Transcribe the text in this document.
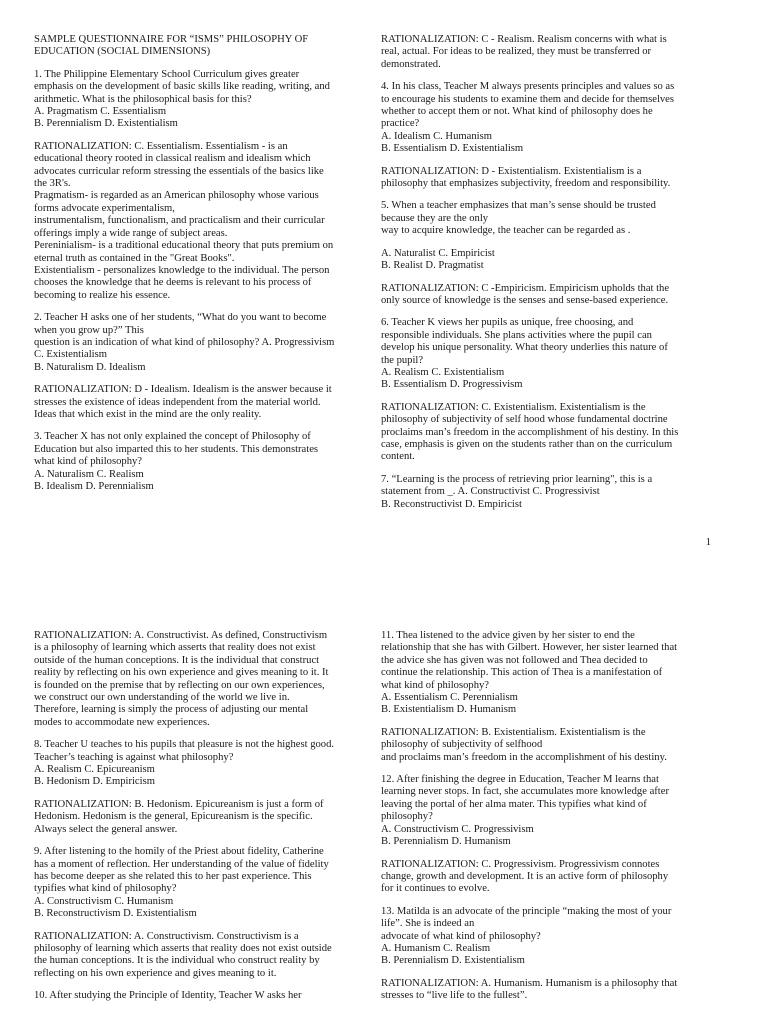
SAMPLE QUESTIONNAIRE FOR “ISMS” PHILOSOPHY OF
EDUCATION (SOCIAL DIMENSIONS)
1. The Philippine Elementary School Curriculum gives greater
emphasis on the development of basic skills like reading, writing, and
arithmetic. What is the philosophical basis for this?
A. Pragmatism C. Essentialism
B. Perennialism D. Existentialism
RATIONALIZATION: C. Essentialism. Essentialism - is an
educational theory rooted in classical realism and idealism which
advocates curricular reform stressing the essentials of the basics like
the 3R's.
Pragmatism- is regarded as an American philosophy whose various
forms advocate experimentalism,
instrumentalism, functionalism, and practicalism and their curricular
offerings imply a wide range of subject areas.
Pereninialism- is a traditional educational theory that puts premium on
eternal truth as contained in the "Great Books".
Existentialism - personalizes knowledge to the individual. The person
chooses the knowledge that he deems is relevant to his process of
becoming to realize his essence.
2. Teacher H asks one of her students, “What do you want to become
when you grow up?” This
question is an indication of what kind of philosophy? A. Progressivism
C. Existentialism
B. Naturalism D. Idealism
RATIONALIZATION: D - Idealism. Idealism is the answer because it
stresses the existence of ideas independent from the material world.
Ideas that which exist in the mind are the only reality.
3. Teacher X has not only explained the concept of Philosophy of
Education but also imparted this to her students. This demonstrates
what kind of philosophy?
A. Naturalism C. Realism
B. Idealism D. Perennialism
RATIONALIZATION: C - Realism. Realism concerns with what is
real, actual. For ideas to be realized, they must be transferred or
demonstrated.
4. In his class, Teacher M always presents principles and values so as
to encourage his students to examine them and decide for themselves
whether to accept them or not. What kind of philosophy does he
practice?
A. Idealism C. Humanism
B. Essentialism D. Existentialism
RATIONALIZATION: D - Existentialism. Existentialism is a
philosophy that emphasizes subjectivity, freedom and responsibility.
5. When a teacher emphasizes that man’s sense should be trusted
because they are the only
way to acquire knowledge, the teacher can be regarded as .
A. Naturalist C. Empiricist
B. Realist D. Pragmatist
RATIONALIZATION: C -Empiricism. Empiricism upholds that the
only source of knowledge is the senses and sense-based experience.
6. Teacher K views her pupils as unique, free choosing, and
responsible individuals. She plans activities where the pupil can
develop his unique personality. What theory underlies this nature of
the pupil?
A. Realism C. Existentialism
B. Essentialism D. Progressivism
RATIONALIZATION: C. Existentialism. Existentialism is the
philosophy of subjectivity of self hood whose fundamental doctrine
proclaims man’s freedom in the accomplishment of his destiny. In this
case, emphasis is given on the students rather than on the curriculum
content.
7. “Learning is the process of retrieving prior learning", this is a
statement from _. A. Constructivist C. Progressivist
B. Reconstructivist D. Empiricist
1
RATIONALIZATION: A. Constructivist. As defined, Constructivism
is a philosophy of learning which asserts that reality does not exist
outside of the human conceptions. It is the individual that construct
reality by reflecting on his own experience and gives meaning to it. It
is founded on the premise that by reflecting on our own experiences,
we construct our own understanding of the world we live in.
Therefore, learning is simply the process of adjusting our mental
modes to accommodate new experiences.
8. Teacher U teaches to his pupils that pleasure is not the highest good.
Teacher’s teaching is against what philosophy?
A. Realism C. Epicureanism
B. Hedonism D. Empiricism
RATIONALIZATION: B. Hedonism. Epicureanism is just a form of
Hedonism. Hedonism is the general, Epicureanism is the specific.
Always select the general answer.
9. After listening to the homily of the Priest about fidelity, Catherine
has a moment of reflection. Her understanding of the value of fidelity
has become deeper as she related this to her past experience. This
typifies what kind of philosophy?
A. Constructivism C. Humanism
B. Reconstructivism D. Existentialism
RATIONALIZATION: A. Constructivism. Constructivism is a
philosophy of learning which asserts that reality does not exist outside
the human conceptions. It is the individual who construct reality by
reflecting on his own experience and gives meaning to it.
10. After studying the Principle of Identity, Teacher W asks her
11. Thea listened to the advice given by her sister to end the
relationship that she has with Gilbert. However, her sister learned that
the advice she has given was not followed and Thea decided to
continue the relationship. This action of Thea is a manifestation of
what kind of philosophy?
A. Essentialism C. Perennialism
B. Existentialism D. Humanism
RATIONALIZATION: B. Existentialism. Existentialism is the
philosophy of subjectivity of selfhood
and proclaims man’s freedom in the accomplishment of his destiny.
12. After finishing the degree in Education, Teacher M learns that
learning never stops. In fact, she accumulates more knowledge after
leaving the portal of her alma mater. This typifies what kind of
philosophy?
A. Constructivism C. Progressivism
B. Perennialism D. Humanism
RATIONALIZATION: C. Progressivism. Progressivism connotes
change, growth and development. It is an active form of philosophy
for it continues to evolve.
13. Matilda is an advocate of the principle “making the most of your
life”. She is indeed an
advocate of what kind of philosophy?
A. Humanism C. Realism
B. Perennialism D. Existentialism
RATIONALIZATION: A. Humanism. Humanism is a philosophy that
stresses to “live life to the fullest”.
